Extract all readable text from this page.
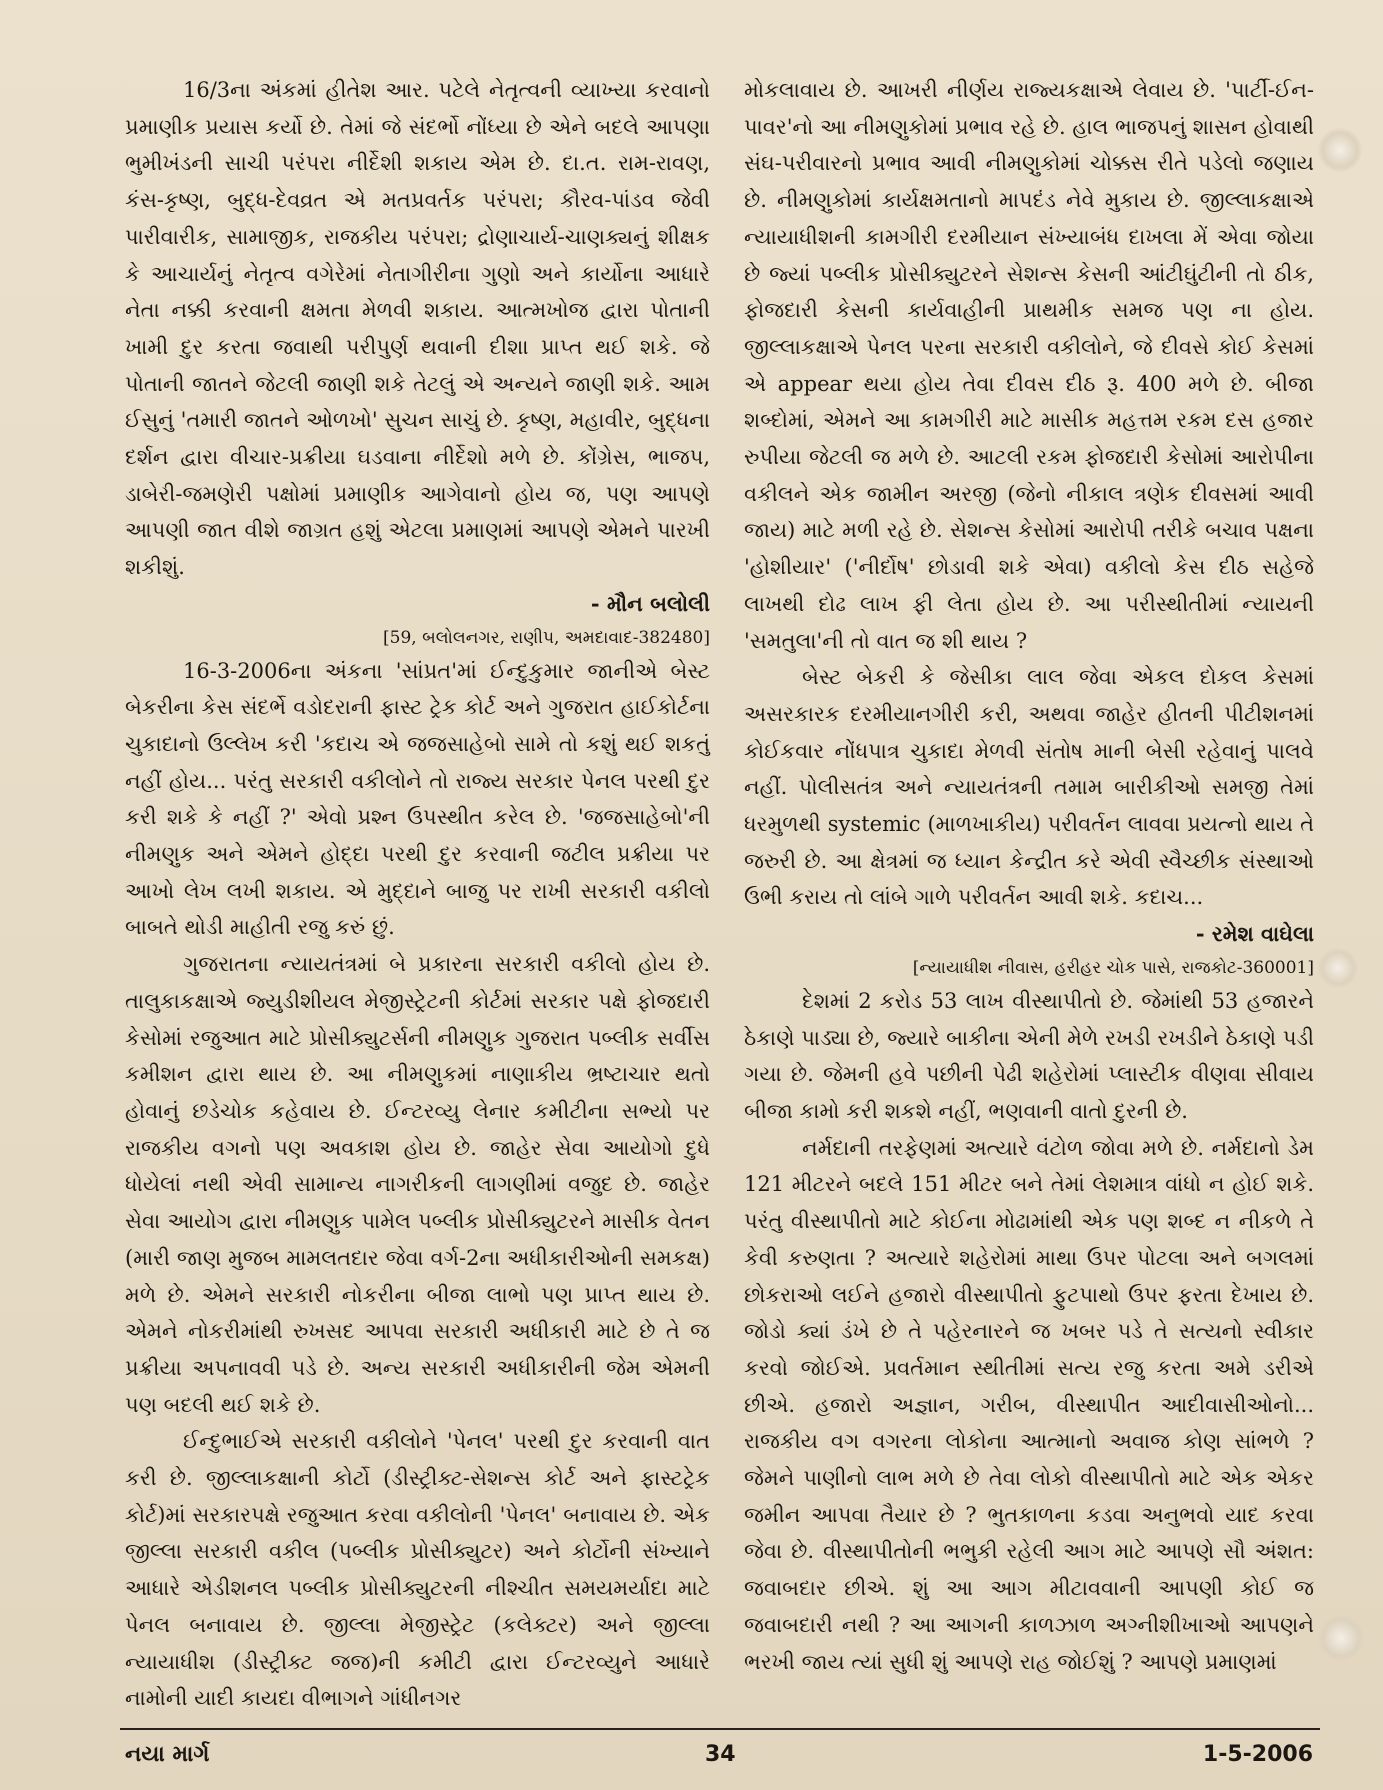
16/3ના અંકમાં હીતેશ આર. પટેલે નેતૃત્વની વ્યાખ્યા કરવાનો પ્રમાણીક પ્રયાસ કર્યો છે. તેમાં જે સંદર્ભો નોંધ્યા છે એને બદલે આપણા ભુમીખંડની સાચી પરંપરા નીર્દેશી શકાય એમ છે. દા.ત. રામ-રાવણ, કંસ-કૃષ્ણ, બુદ્ધ-દેવવ્રત એ મતપ્રવર્તક પરંપરા; કૌરવ-પાંડવ જેવી પારીવારીક, સામાજીક, રાજકીય પરંપરા; દ્રોણાચાર્ય-ચાણક્યનું શીક્ષક કે આચાર્યનું નેતૃત્વ વગેરેમાં નેતાગીરીના ગુણો અને કાર્યોના આધારે નેતા નક્કી કરવાની ક્ષમતા મેળવી શકાય. આત્મખોજ દ્વારા પોતાની ખામી દુર કરતા જવાથી પરીપુર્ણ થવાની દીશા પ્રાપ્ત થઈ શકે. જે પોતાની જાતને જેટલી જાણી શકે તેટલું એ અન્યને જાણી શકે. આમ ઈસુનું 'તમારી જાતને ઓળખો' સુચન સાચું છે. કૃષ્ણ, મહાવીર, બુદ્ધના દર્શન દ્વારા વીચાર-પ્રક્રીયા ઘડવાના નીર્દેશો મળે છે. કોંગ્રેસ, ભાજપ, ડાબેરી-જમણેરી પક્ષોમાં પ્રમાણીક આગેવાનો હોય જ, પણ આપણે આપણી જાત વીશે જાગ્રત હશું એટલા પ્રમાણમાં આપણે એમને પારખી શકીશું.

- મૌન બલોલી

[59, બલોલનગર, રાણીપ, અમદાવાદ-382480]

16-3-2006ના અંકના 'સાંપ્રત'માં ઈન્દુકુમાર જાનીએ બેસ્ટ બેકરીના કેસ સંદર્ભે વડોદરાની ફાસ્ટ ટ્રેક કોર્ટ અને ગુજરાત હાઈકોર્ટના ચુકાદાનો ઉલ્લેખ કરી 'કદાચ એ જજસાહેબો સામે તો કશું થઈ શકતું નહીં હોય... પરંતુ સરકારી વકીલોને તો રાજ્ય સરકાર પેનલ પરથી દુર કરી શકે કે નહીં ?' એવો પ્રશ્ન ઉપસ્થીત કરેલ છે. 'જજસાહેબો'ની નીમણુક અને એમને હોદ્દા પરથી દુર કરવાની જટીલ પ્રક્રીયા પર આખો લેખ લખી શકાય. એ મુદ્દાને બાજુ પર રાખી સરકારી વકીલો બાબતે થોડી માહીતી રજુ કરું છું.

ગુજરાતના ન્યાયતંત્રમાં બે પ્રકારના સરકારી વકીલો હોય છે. તાલુકાકક્ષાએ જ્યુડીશીયલ મેજીસ્ટ્રેટની કોર્ટમાં સરકાર પક્ષે ફોજદારી કેસોમાં રજુઆત માટે પ્રોસીક્યુટર્સની નીમણુક ગુજરાત પબ્લીક સર્વીસ કમીશન દ્વારા થાય છે. આ નીમણુકમાં નાણાકીય ભ્રષ્ટાચાર થતો હોવાનું છડેચોક કહેવાય છે. ઈન્ટરવ્યુ લેનાર કમીટીના સભ્યો પર રાજકીય વગનો પણ અવકાશ હોય છે. જાહેર સેવા આયોગો દુધે ધોયેલાં નથી એવી સામાન્ય નાગરીકની લાગણીમાં વજુદ છે. જાહેર સેવા આયોગ દ્વારા નીમણુક પામેલ પબ્લીક પ્રોસીક્યુટરને માસીક વેતન (મારી જાણ મુજબ મામલતદાર જેવા વર્ગ-2ના અધીકારીઓની સમકક્ષ) મળે છે. એમને સરકારી નોકરીના બીજા લાભો પણ પ્રાપ્ત થાય છે. એમને નોકરીમાંથી રુખસદ આપવા સરકારી અધીકારી માટે છે તે જ પ્રક્રીયા અપનાવવી પડે છે. અન્ય સરકારી અધીકારીની જેમ એમની પણ બદલી થઈ શકે છે.

ઈન્દુભાઈએ સરકારી વકીલોને 'પેનલ' પરથી દુર કરવાની વાત કરી છે. જીલ્લાકક્ષાની કોર્ટો (ડીસ્ટ્રીક્ટ-સેશન્સ કોર્ટ અને ફાસ્ટટ્રેક કોર્ટ)માં સરકારપક્ષે રજુઆત કરવા વકીલોની 'પેનલ' બનાવાય છે. એક જીલ્લા સરકારી વકીલ (પબ્લીક પ્રોસીક્યુટર) અને કોર્ટોની સંખ્યાને આધારે એડીશનલ પબ્લીક પ્રોસીક્યુટરની નીશ્ચીત સમયમર્યાદા માટે પેનલ બનાવાય છે. જીલ્લા મેજીસ્ટ્રેટ (કલેક્ટર) અને જીલ્લા ન્યાયાધીશ (ડીસ્ટ્રીક્ટ જજ)ની કમીટી દ્વારા ઈન્ટરવ્યુને આધારે નામોની યાદી કાયદા વીભાગને ગાંધીનગર

મોકલાવાય છે. આખરી નીર્ણય રાજ્યકક્ષાએ લેવાય છે. 'પાર્ટી-ઈન-પાવર'નો આ નીમણુકોમાં પ્રભાવ રહે છે. હાલ ભાજપનું શાસન હોવાથી સંઘ-પરીવારનો પ્રભાવ આવી નીમણુકોમાં ચોક્કસ રીતે પડેલો જણાય છે. નીમણુકોમાં કાર્યક્ષમતાનો માપદંડ નેવે મુકાય છે. જીલ્લાકક્ષાએ ન્યાયાધીશની કામગીરી દરમીયાન સંખ્યાબંધ દાખલા મેં એવા જોયા છે જ્યાં પબ્લીક પ્રોસીક્યુટરને સેશન્સ કેસની આંટીઘુંટીની તો ઠીક, ફોજદારી કેસની કાર્યવાહીની પ્રાથમીક સમજ પણ ના હોય. જીલ્લાકક્ષાએ પેનલ પરના સરકારી વકીલોને, જે દીવસે કોઈ કેસમાં એ appear થયા હોય તેવા દીવસ દીઠ રૂ. 400 મળે છે. બીજા શબ્દોમાં, એમને આ કામગીરી માટે માસીક મહત્તમ રકમ દસ હજાર રુપીયા જેટલી જ મળે છે. આટલી રકમ ફોજદારી કેસોમાં આરોપીના વકીલને એક જામીન અરજી (જેનો નીકાલ ત્રણેક દીવસમાં આવી જાય) માટે મળી રહે છે. સેશન્સ કેસોમાં આરોપી તરીકે બચાવ પક્ષના 'હોશીયાર' ('નીર્દોષ' છોડાવી શકે એવા) વકીલો કેસ દીઠ સહેજે લાખથી દોઢ લાખ ફી લેતા હોય છે. આ પરીસ્થીતીમાં ન્યાયની 'સમતુલા'ની તો વાત જ શી થાય ?

બેસ્ટ બેકરી કે જેસીકા લાલ જેવા એકલ દોકલ કેસમાં અસરકારક દરમીયાનગીરી કરી, અથવા જાહેર હીતની પીટીશનમાં કોઈકવાર નોંધપાત્ર ચુકાદા મેળવી સંતોષ માની બેસી રહેવાનું પાલવે નહીં. પોલીસતંત્ર અને ન્યાયતંત્રની તમામ બારીકીઓ સમજી તેમાં ધરમુળથી systemic (માળખાકીય) પરીવર્તન લાવવા પ્રયત્નો થાય તે જરુરી છે. આ ક્ષેત્રમાં જ ધ્યાન કેન્દ્રીત કરે એવી સ્વૈચ્છીક સંસ્થાઓ ઉભી કરાય તો લાંબે ગાળે પરીવર્તન આવી શકે. કદાચ...

- રમેશ વાઘેલા

[ન્યાયાધીશ નીવાસ, હરીહર ચોક પાસે, રાજકોટ-360001]

દેશમાં 2 કરોડ 53 લાખ વીસ્થાપીતો છે. જેમાંથી 53 હજારને ઠેકાણે પાડ્યા છે, જ્યારે બાકીના એની મેળે રખડી રખડીને ઠેકાણે પડી ગયા છે. જેમની હવે પછીની પેઢી શહેરોમાં પ્લાસ્ટીક વીણવા સીવાય બીજા કામો કરી શકશે નહીં, ભણવાની વાતો દુરની છે.

નર્મદાની તરફેણમાં અત્યારે વંટોળ જોવા મળે છે. નર્મદાનો ડેમ 121 મીટરને બદલે 151 મીટર બને તેમાં લેશમાત્ર વાંધો ન હોઈ શકે. પરંતુ વીસ્થાપીતો માટે કોઈના મોઢામાંથી એક પણ શબ્દ ન નીકળે તે કેવી કરુણતા ? અત્યારે શહેરોમાં માથા ઉપર પોટલા અને બગલમાં છોકરાઓ લઈને હજારો વીસ્થાપીતો ફુટપાથો ઉપર ફરતા દેખાય છે. જોડો ક્યાં ડંખે છે તે પહેરનારને જ ખબર પડે તે સત્યનો સ્વીકાર કરવો જોઈએ. પ્રવર્તમાન સ્થીતીમાં સત્ય રજુ કરતા અમે ડરીએ છીએ. હજારો અજ્ઞાન, ગરીબ, વીસ્થાપીત આદીવાસીઓનો... રાજકીય વગ વગરના લોકોના આત્માનો અવાજ કોણ સાંભળે ? જેમને પાણીનો લાભ મળે છે તેવા લોકો વીસ્થાપીતો માટે એક એકર જમીન આપવા તૈયાર છે ? ભુતકાળના કડવા અનુભવો યાદ કરવા જેવા છે. વીસ્થાપીતોની ભભુકી રહેલી આગ માટે આપણે સૌ અંશત: જવાબદાર છીએ. શું આ આગ મીટાવવાની આપણી કોઈ જ જવાબદારી નથી ? આ આગની કાળઝાળ અગ્નીશીખાઓ આપણને ભરખી જાય ત્યાં સુધી શું આપણે રાહ જોઈશું ? આપણે પ્રમાણમાં

નયા માર્ગ	34	1-5-2006
